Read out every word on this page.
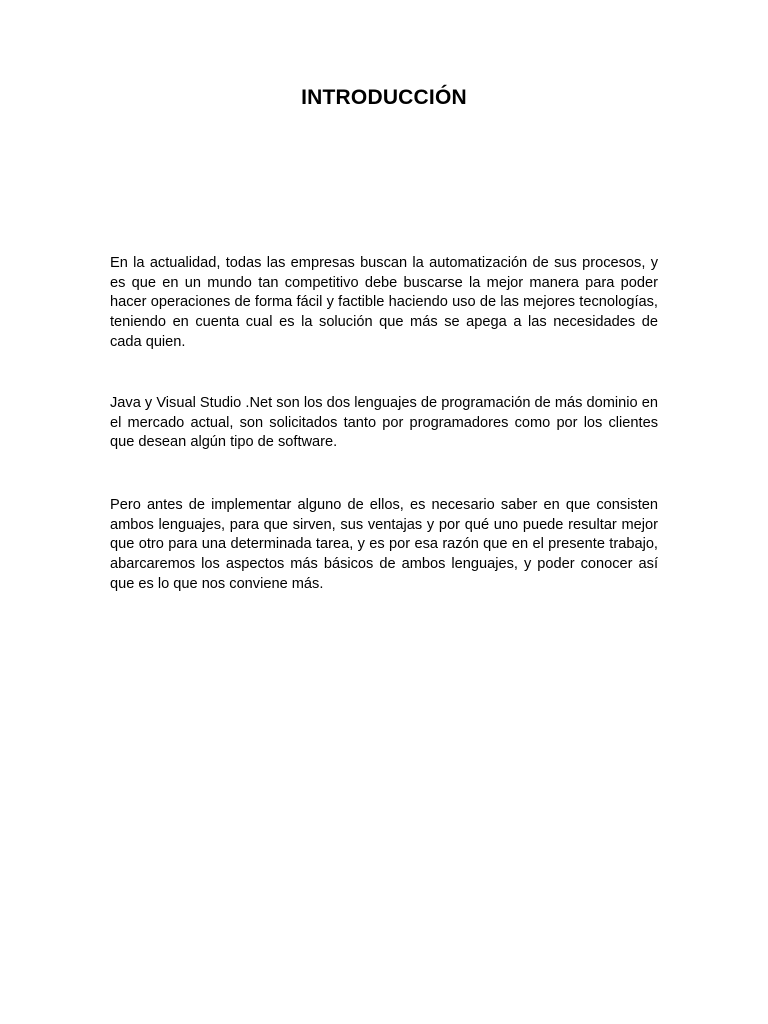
INTRODUCCIÓN

En la actualidad, todas las empresas buscan la automatización de sus procesos, y es que en un mundo tan competitivo debe buscarse la mejor manera para poder hacer operaciones de forma fácil y factible haciendo uso de las mejores tecnologías, teniendo en cuenta cual es la solución que más se apega a las necesidades de cada quien.

Java y Visual Studio .Net son los dos lenguajes de programación de más dominio en el mercado actual, son solicitados tanto por programadores como por los clientes que desean algún tipo de software.

Pero antes de implementar alguno de ellos, es necesario saber en que consisten ambos lenguajes, para que sirven, sus ventajas y por qué uno puede resultar mejor que otro para una determinada tarea, y es por esa razón que en el presente trabajo, abarcaremos los aspectos más básicos de ambos lenguajes, y poder conocer así que es lo que nos conviene más.
